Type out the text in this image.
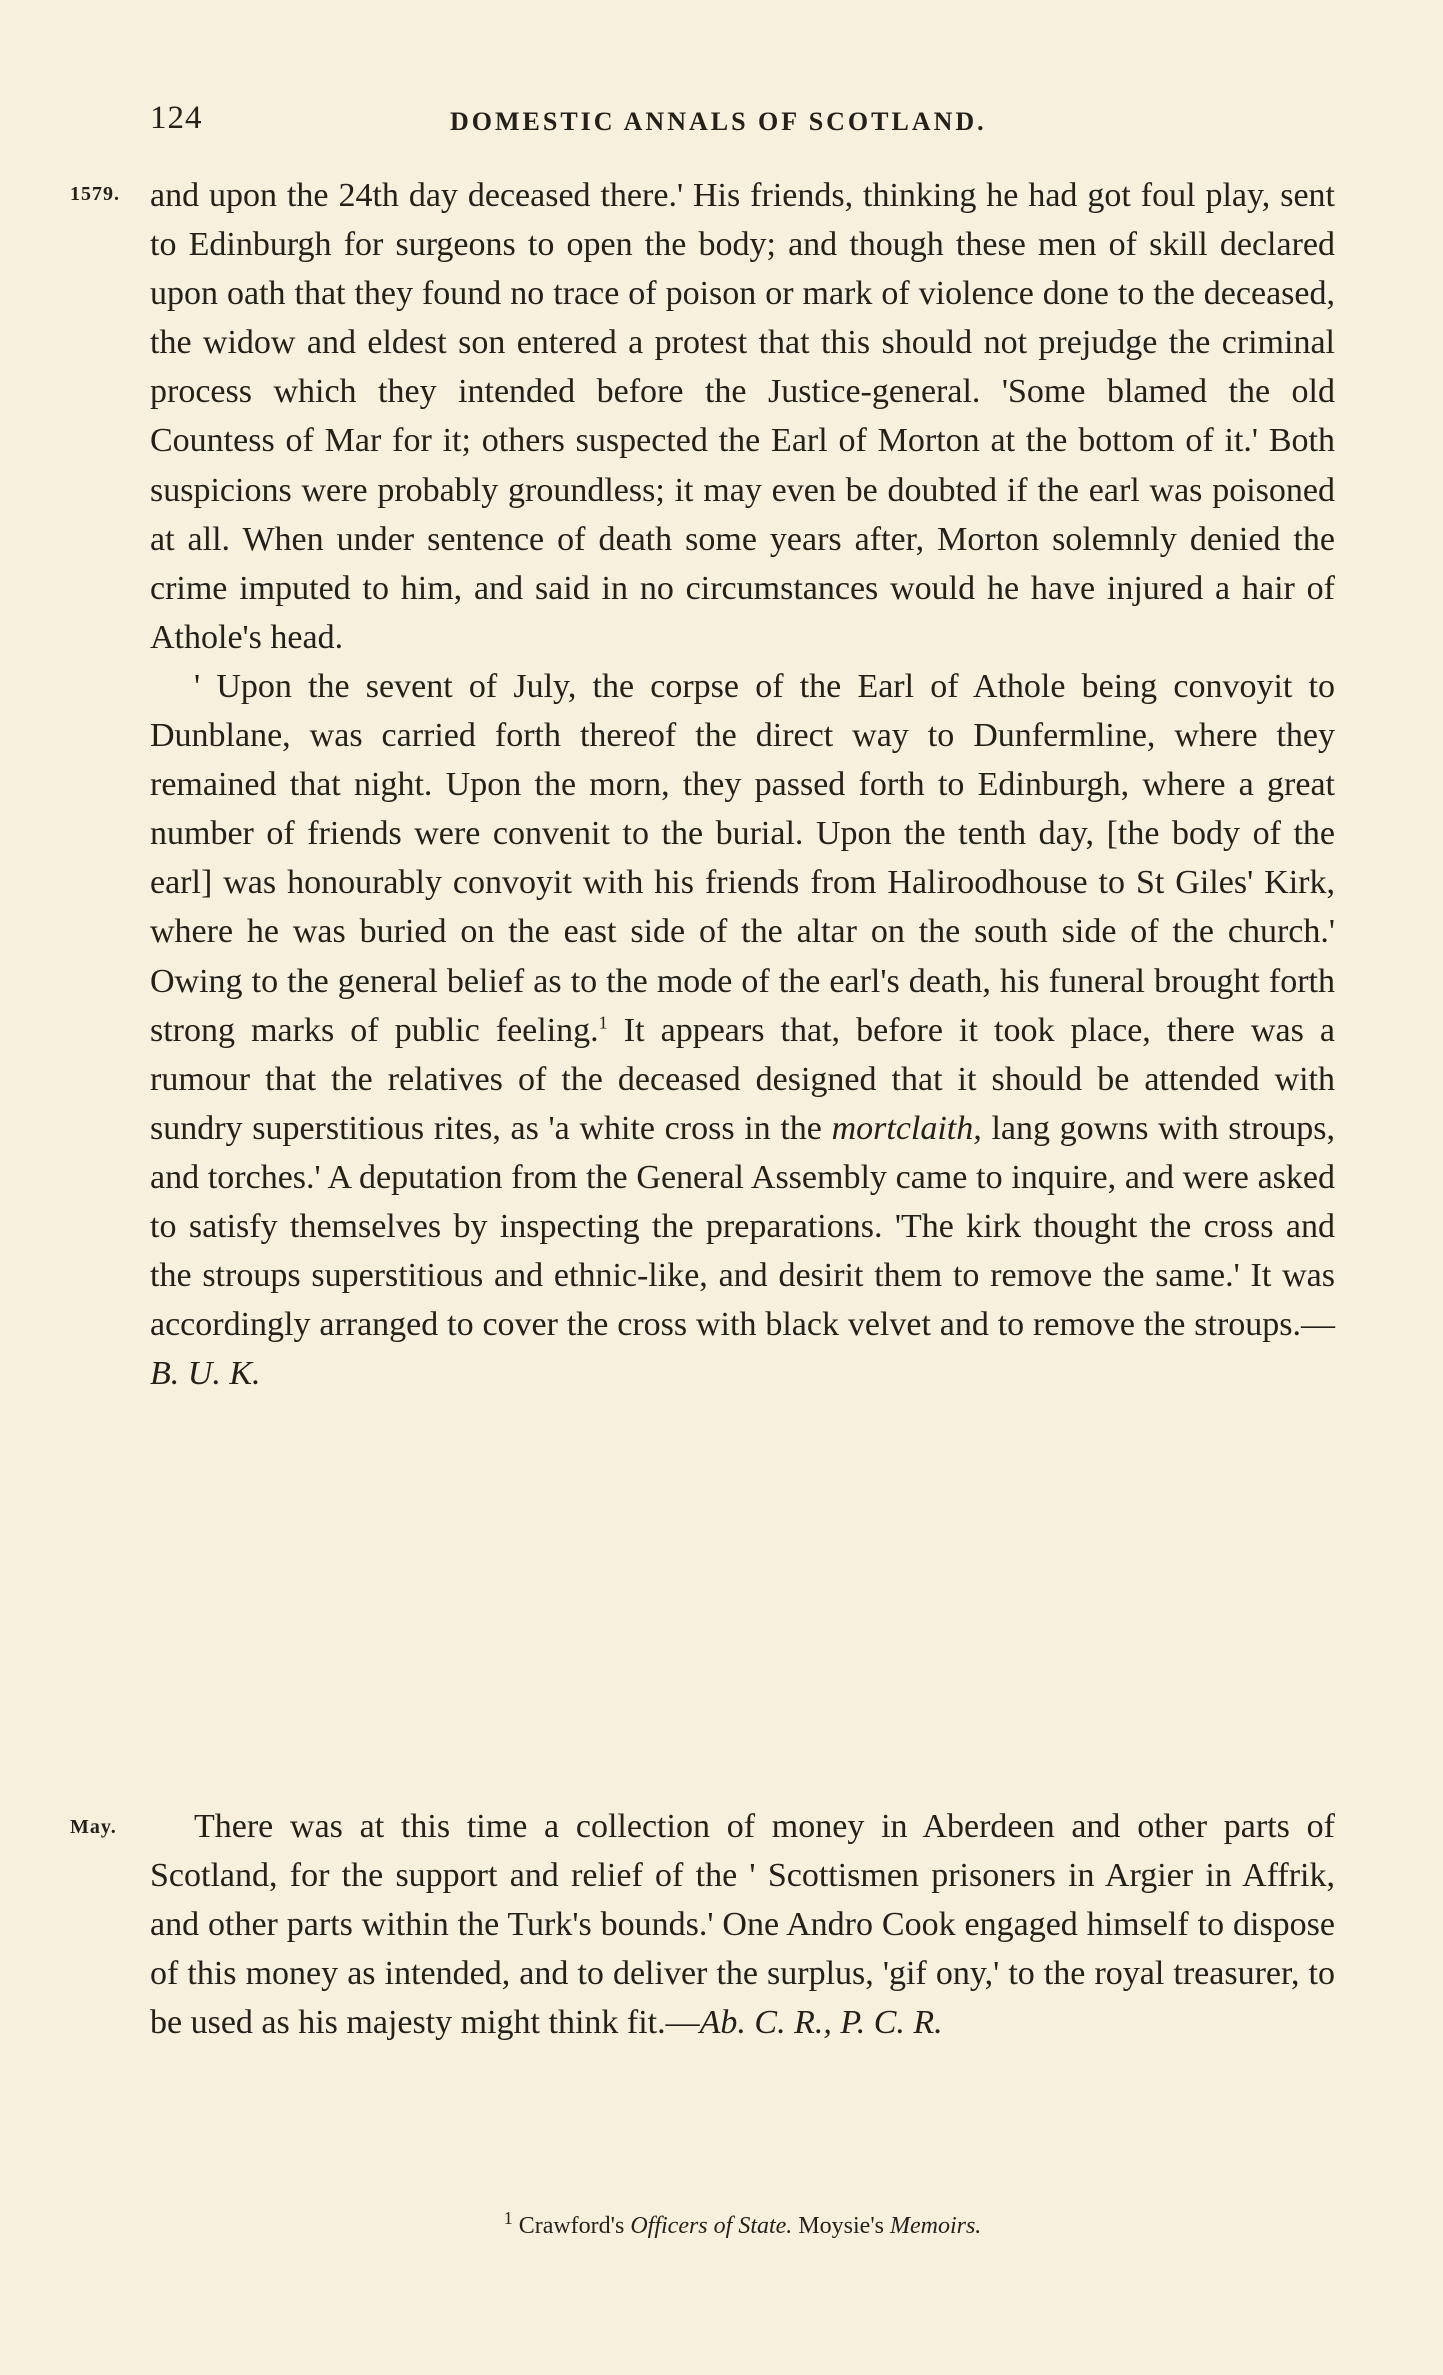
124	DOMESTIC ANNALS OF SCOTLAND.
1579. and upon the 24th day deceased there.' His friends, thinking he had got foul play, sent to Edinburgh for surgeons to open the body; and though these men of skill declared upon oath that they found no trace of poison or mark of violence done to the deceased, the widow and eldest son entered a protest that this should not prejudge the criminal process which they intended before the Justice-general. 'Some blamed the old Countess of Mar for it; others suspected the Earl of Morton at the bottom of it.' Both suspicions were probably groundless; it may even be doubted if the earl was poisoned at all. When under sentence of death some years after, Morton solemnly denied the crime imputed to him, and said in no circumstances would he have injured a hair of Athole's head.

' Upon the sevent of July, the corpse of the Earl of Athole being convoyit to Dunblane, was carried forth thereof the direct way to Dunfermline, where they remained that night. Upon the morn, they passed forth to Edinburgh, where a great number of friends were convenit to the burial. Upon the tenth day, [the body of the earl] was honourably convoyit with his friends from Haliroodhouse to St Giles' Kirk, where he was buried on the east side of the altar on the south side of the church.' Owing to the general belief as to the mode of the earl's death, his funeral brought forth strong marks of public feeling.$^1$ It appears that, before it took place, there was a rumour that the relatives of the deceased designed that it should be attended with sundry superstitious rites, as 'a white cross in the mortclaith, lang gowns with stroups, and torches.' A deputation from the General Assembly came to inquire, and were asked to satisfy themselves by inspecting the preparations. 'The kirk thought the cross and the stroups superstitious and ethnic-like, and desirit them to remove the same.' It was accordingly arranged to cover the cross with black velvet and to remove the stroups.—B. U. K.

May.	There was at this time a collection of money in Aberdeen and other parts of Scotland, for the support and relief of the ' Scottismen prisoners in Argier in Affrik, and other parts within the Turk's bounds.' One Andro Cook engaged himself to dispose of this money as intended, and to deliver the surplus, 'gif ony,' to the royal treasurer, to be used as his majesty might think fit.—Ab. C. R., P. C. R.

$^1$ Crawford's Officers of State. Moysie's Memoirs.
